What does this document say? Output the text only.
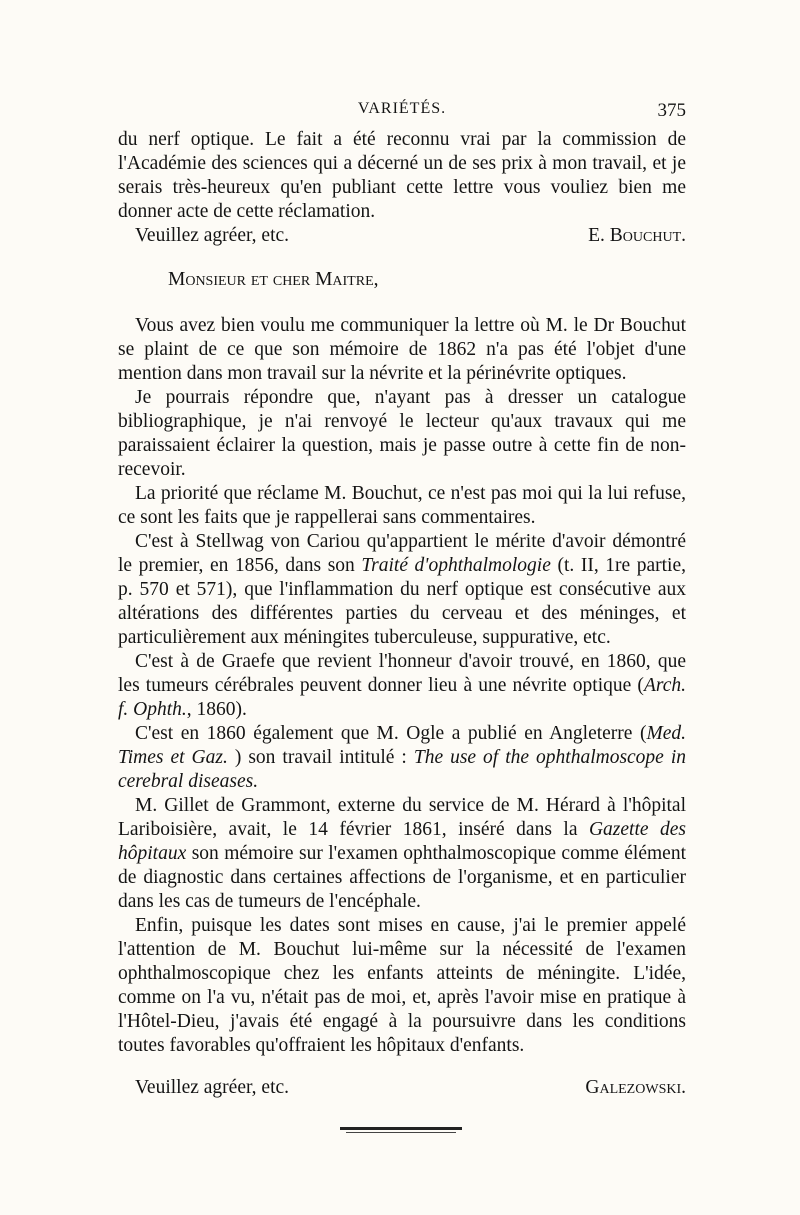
VARIÉTÉS.	375

du nerf optique. Le fait a été reconnu vrai par la commission de l'Académie des sciences qui a décerné un de ses prix à mon travail, et je serais très-heureux qu'en publiant cette lettre vous vouliez bien me donner acte de cette réclamation.

Veuillez agréer, etc.	E. Bouchut.

Monsieur et cher Maitre,

Vous avez bien voulu me communiquer la lettre où M. le Dr Bouchut se plaint de ce que son mémoire de 1862 n'a pas été l'objet d'une mention dans mon travail sur la névrite et la périnévrite optiques.

Je pourrais répondre que, n'ayant pas à dresser un catalogue bibliographique, je n'ai renvoyé le lecteur qu'aux travaux qui me paraissaient éclairer la question, mais je passe outre à cette fin de non-recevoir.

La priorité que réclame M. Bouchut, ce n'est pas moi qui la lui refuse, ce sont les faits que je rappellerai sans commentaires.

C'est à Stellwag von Cariou qu'appartient le mérite d'avoir démontré le premier, en 1856, dans son Traité d'ophthalmologie (t. II, 1re partie, p. 570 et 571), que l'inflammation du nerf optique est consécutive aux altérations des différentes parties du cerveau et des méninges, et particulièrement aux méningites tuberculeuse, suppurative, etc.

C'est à de Graefe que revient l'honneur d'avoir trouvé, en 1860, que les tumeurs cérébrales peuvent donner lieu à une névrite optique (Arch. f. Ophth., 1860).

C'est en 1860 également que M. Ogle a publié en Angleterre (Med. Times et Gaz. ) son travail intitulé : The use of the ophthalmoscope in cerebral diseases.

M. Gillet de Grammont, externe du service de M. Hérard à l'hôpital Lariboisière, avait, le 14 février 1861, inséré dans la Gazette des hôpitaux son mémoire sur l'examen ophthalmoscopique comme élément de diagnostic dans certaines affections de l'organisme, et en particulier dans les cas de tumeurs de l'encéphale.

Enfin, puisque les dates sont mises en cause, j'ai le premier appelé l'attention de M. Bouchut lui-même sur la nécessité de l'examen ophthalmoscopique chez les enfants atteints de méningite. L'idée, comme on l'a vu, n'était pas de moi, et, après l'avoir mise en pratique à l'Hôtel-Dieu, j'avais été engagé à la poursuivre dans les conditions toutes favorables qu'offraient les hôpitaux d'enfants.

Veuillez agréer, etc.	Galezowski.
